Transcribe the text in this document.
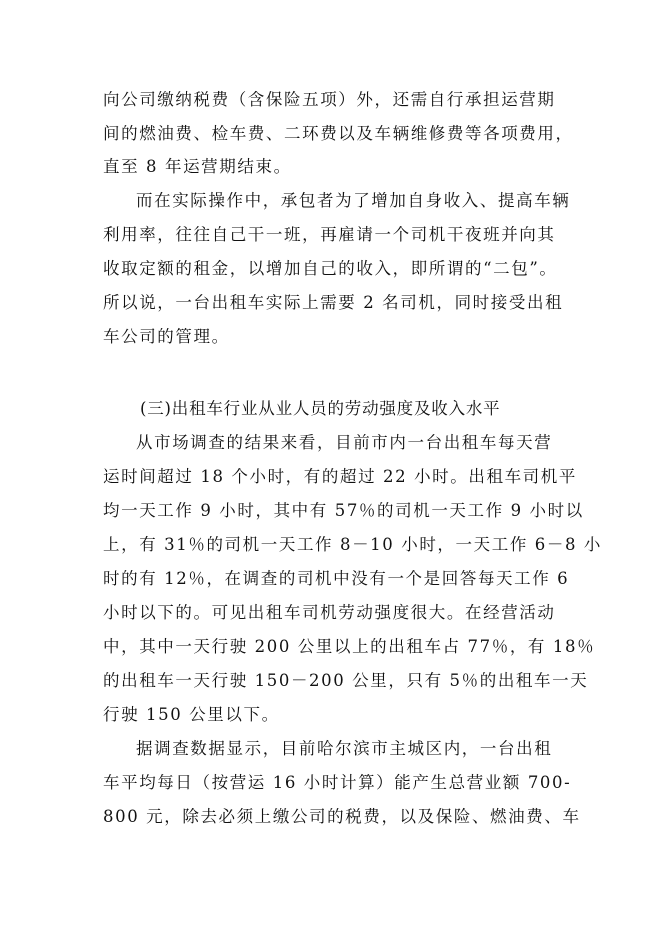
向公司缴纳税费（含保险五项）外，还需自行承担运营期

间的燃油费、检车费、二环费以及车辆维修费等各项费用，

直至 8 年运营期结束。

而在实际操作中，承包者为了增加自身收入、提高车辆

利用率，往往自己干一班，再雇请一个司机干夜班并向其

收取定额的租金，以增加自己的收入，即所谓的“二包”。

所以说，一台出租车实际上需要 2 名司机，同时接受出租

车公司的管理。

(三)出租车行业从业人员的劳动强度及收入水平

从市场调查的结果来看，目前市内一台出租车每天营

运时间超过 18 个小时，有的超过 22 小时。出租车司机平

均一天工作 9 小时，其中有 57％的司机一天工作 9 小时以

上，有 31％的司机一天工作 8－10 小时，一天工作 6－8 小

时的有 12％，在调查的司机中没有一个是回答每天工作 6

小时以下的。可见出租车司机劳动强度很大。在经营活动

中，其中一天行驶 200 公里以上的出租车占 77％，有 18％

的出租车一天行驶 150－200 公里，只有 5％的出租车一天

行驶 150 公里以下。

据调查数据显示，目前哈尔滨市主城区内，一台出租

车平均每日（按营运 16 小时计算）能产生总营业额 700-

800 元，除去必须上缴公司的税费，以及保险、燃油费、车
